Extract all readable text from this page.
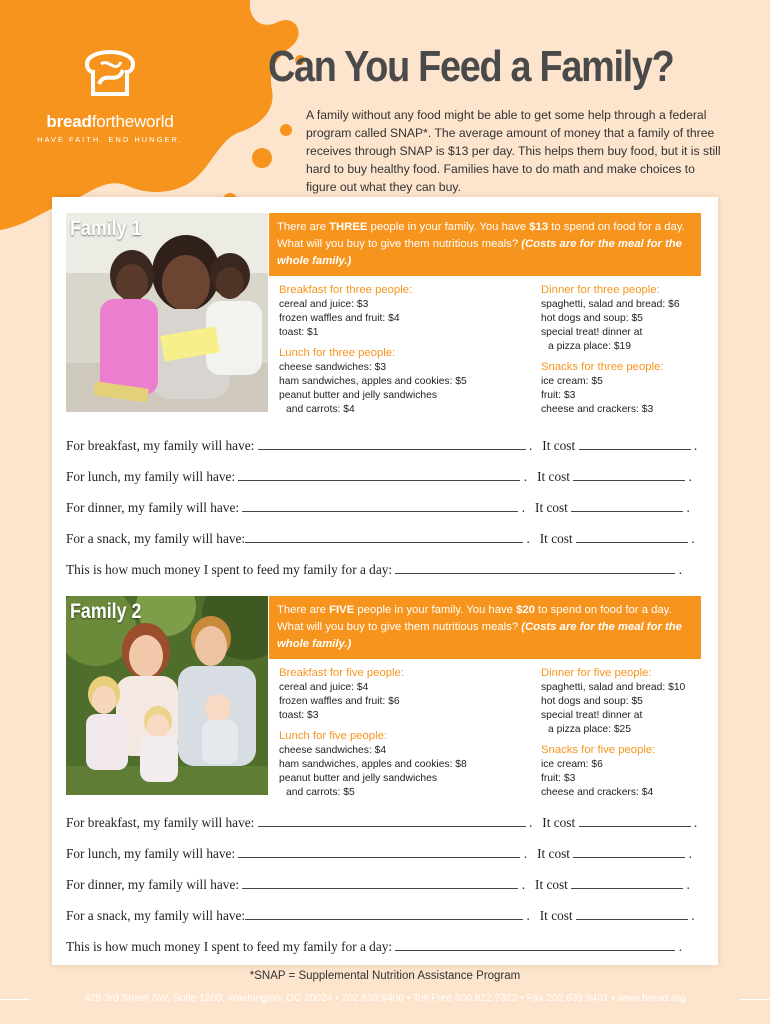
breadfortheworld
HAVE FAITH. END HUNGER.
Can You Feed a Family?
A family without any food might be able to get some help through a federal program called SNAP*. The average amount of money that a family of three receives through SNAP is $13 per day. This helps them buy food, but it is still hard to buy healthy food. Families have to do math and make choices to figure out what they can buy.
Family 1	There are THREE people in your family. You have $13 to spend on food for a day. What will you buy to give them nutritious meals? (Costs are for the meal for the whole family.)
Breakfast for three people:
cereal and juice: $3
frozen waffles and fruit: $4
toast: $1
Lunch for three people:
cheese sandwiches: $3
ham sandwiches, apples and cookies: $5
peanut butter and jelly sandwiches
and carrots: $4
Dinner for three people:
spaghetti, salad and bread: $6
hot dogs and soup: $5
special treat! dinner at
a pizza place: $19
Snacks for three people:
ice cream: $5
fruit: $3
cheese and crackers: $3
For breakfast, my family will have:	. It cost	.
For lunch, my family will have:	. It cost	.
For dinner, my family will have:	. It cost	.
For a snack, my family will have:	. It cost	.
This is how much money I spent to feed my family for a day:	.
Family 2	There are FIVE people in your family. You have $20 to spend on food for a day. What will you buy to give them nutritious meals? (Costs are for the meal for the whole family.)
Breakfast for five people:
cereal and juice: $4
frozen waffles and fruit: $6
toast: $3
Lunch for five people:
cheese sandwiches: $4
ham sandwiches, apples and cookies: $8
peanut butter and jelly sandwiches
and carrots: $5
Dinner for five people:
spaghetti, salad and bread: $10
hot dogs and soup: $5
special treat! dinner at
a pizza place: $25
Snacks for five people:
ice cream: $6
fruit: $3
cheese and crackers: $4
For breakfast, my family will have:	. It cost	.
For lunch, my family will have:	. It cost	.
For dinner, my family will have:	. It cost	.
For a snack, my family will have:	. It cost	.
This is how much money I spent to feed my family for a day:	.
*SNAP = Supplemental Nutrition Assistance Program
425 3rd Street SW, Suite 1200, Washington, DC 20024 • 202.639.9400 • Toll Free 800.822.7323 • Fax 202.639.9401 • www.bread.org
